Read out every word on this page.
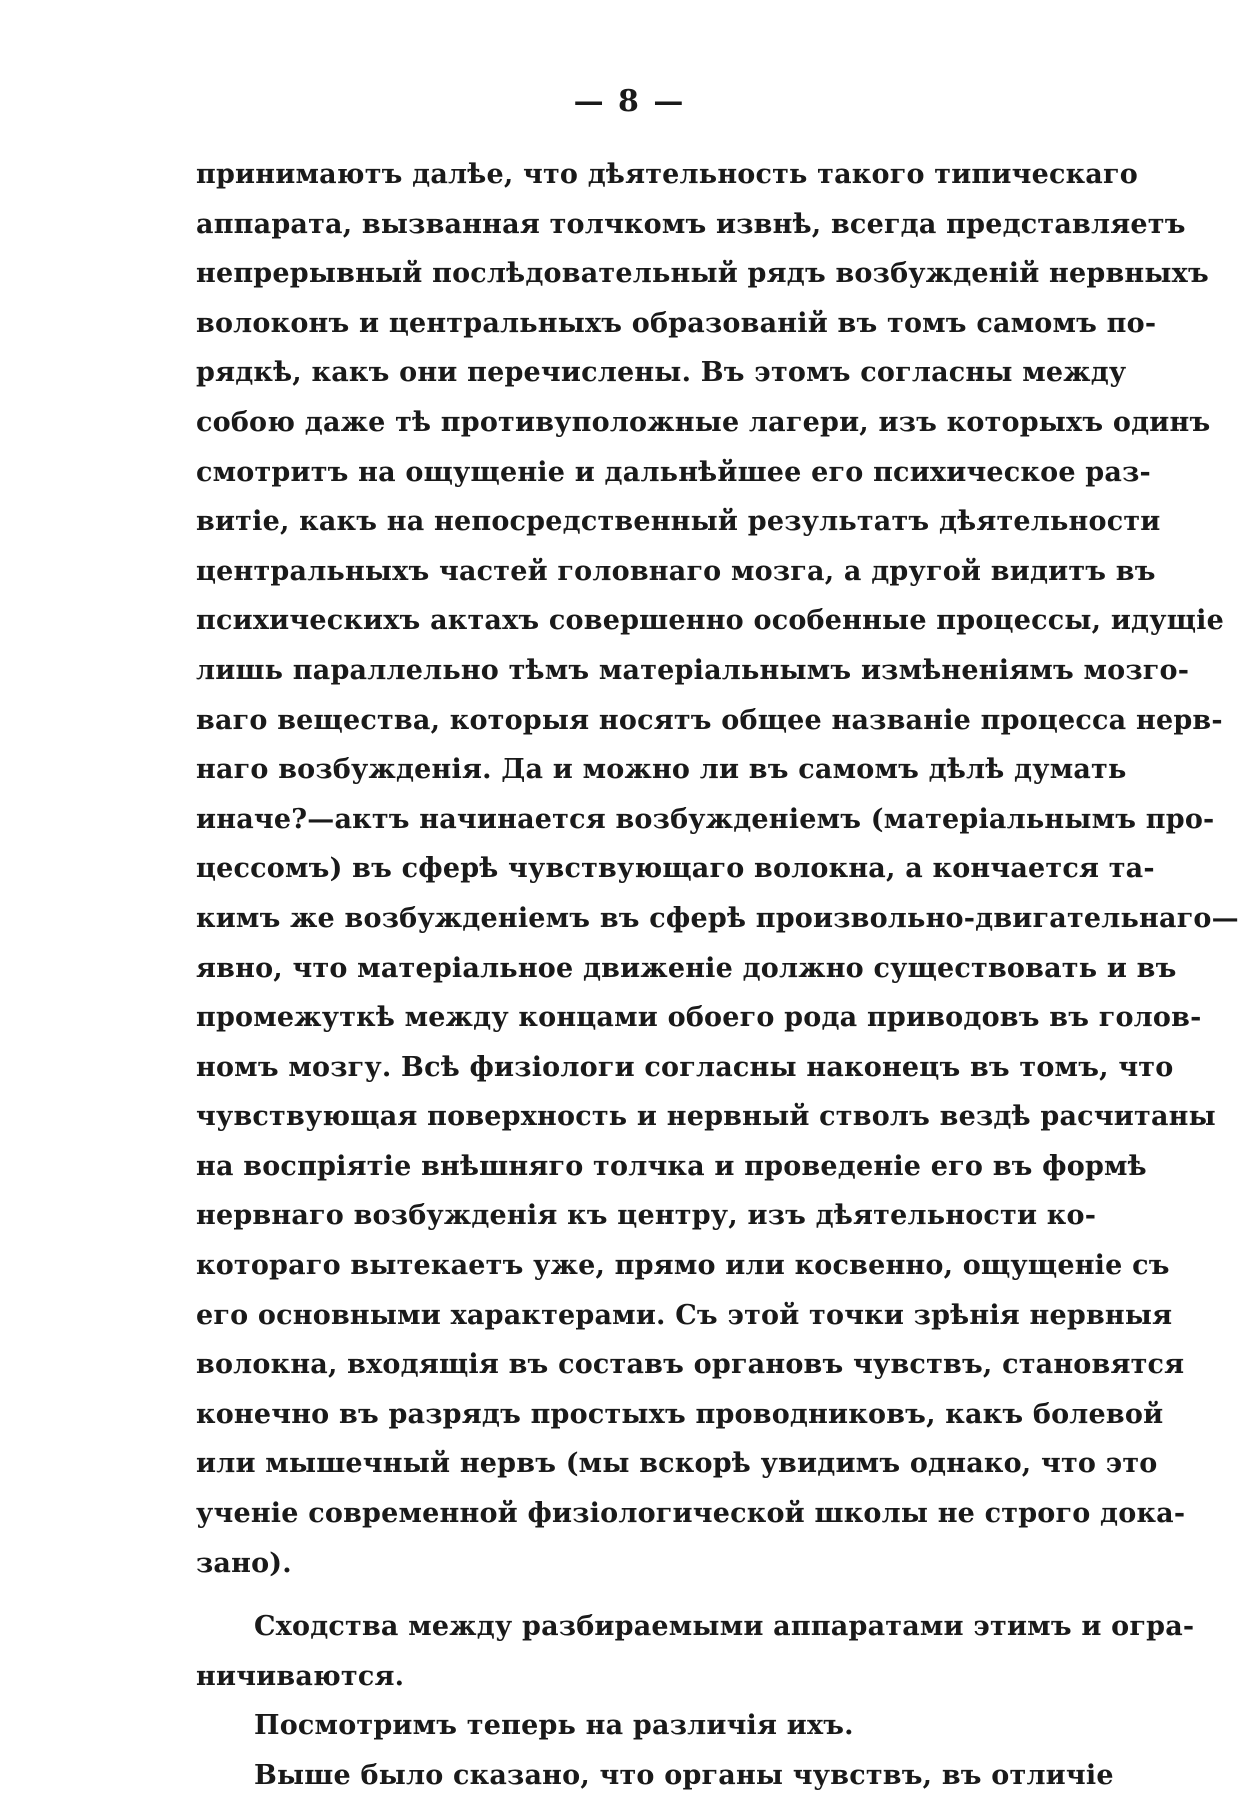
— 8 —
принимаютъ далѣе, что дѣятельность такого типическаго
аппарата, вызванная толчкомъ извнѣ, всегда представляетъ
непрерывный послѣдовательный рядъ возбужденій нервныхъ
волоконъ и центральныхъ образованій въ томъ самомъ по-
рядкѣ, какъ они перечислены. Въ этомъ согласны между
собою даже тѣ противуположные лагери, изъ которыхъ одинъ
смотритъ на ощущеніе и дальнѣйшее его психическое раз-
витіе, какъ на непосредственный результатъ дѣятельности
центральныхъ частей головнаго мозга, а другой видитъ въ
психическихъ актахъ совершенно особенные процессы, идущіе
лишь параллельно тѣмъ матеріальнымъ измѣненіямъ мозго-
ваго вещества, которыя носятъ общее названіе процесса нерв-
наго возбужденія. Да и можно ли въ самомъ дѣлѣ думать
иначе?—актъ начинается возбужденіемъ (матеріальнымъ про-
цессомъ) въ сферѣ чувствующаго волокна, а кончается та-
кимъ же возбужденіемъ въ сферѣ произвольно-двигательнаго—
явно, что матеріальное движеніе должно существовать и въ
промежуткѣ между концами обоего рода приводовъ въ голов-
номъ мозгу. Всѣ физіологи согласны наконецъ въ томъ, что
чувствующая поверхность и нервный стволъ вездѣ расчитаны
на воспріятіе внѣшняго толчка и проведеніе его въ формѣ
нервнаго возбужденія къ центру, изъ дѣятельности ко-
котораго вытекаетъ уже, прямо или косвенно, ощущеніе съ
его основными характерами. Съ этой точки зрѣнія нервныя
волокна, входящія въ составъ органовъ чувствъ, становятся
конечно въ разрядъ простыхъ проводниковъ, какъ болевой
или мышечный нервъ (мы вскорѣ увидимъ однако, что это
ученіе современной физіологической школы не строго дока-
зано).
Сходства между разбираемыми аппаратами этимъ и огра-
ничиваются.
Посмотримъ теперь на различія ихъ.
Выше было сказано, что органы чувствъ, въ отличіе
